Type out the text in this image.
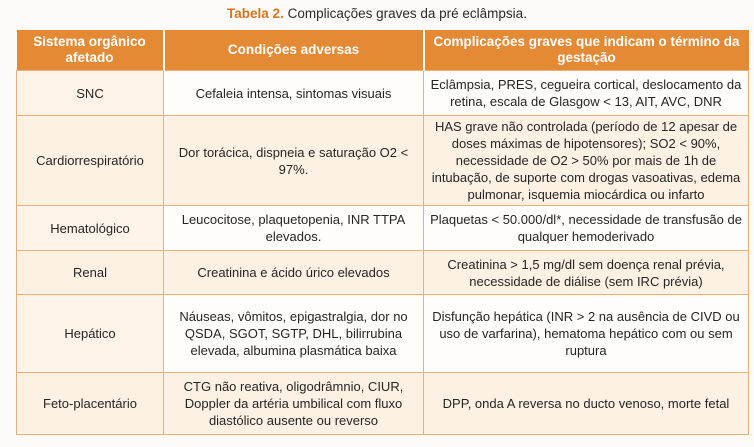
Tabela 2. Complicações graves da pré eclâmpsia.
Sistema orgânico afetado	Condições adversas	Complicações graves que indicam o término da gestação
SNC	Cefaleia intensa, sintomas visuais	Eclâmpsia, PRES, cegueira cortical, deslocamento da retina, escala de Glasgow < 13, AIT, AVC, DNR
Cardiorrespiratório	Dor torácica, dispneia e saturação O2 < 97%.	HAS grave não controlada (período de 12 apesar de doses máximas de hipotensores); SO2 < 90%, necessidade de O2 > 50% por mais de 1h de intubação, de suporte com drogas vasoativas, edema pulmonar, isquemia miocárdica ou infarto
Hematológico	Leucocitose, plaquetopenia, INR TTPA elevados.	Plaquetas < 50.000/dl*, necessidade de transfusão de qualquer hemoderivado
Renal	Creatinina e ácido úrico elevados	Creatinina > 1,5 mg/dl sem doença renal prévia, necessidade de diálise (sem IRC prévia)
Hepático	Náuseas, vômitos, epigastralgia, dor no QSDA, SGOT, SGTP, DHL, bilirrubina elevada, albumina plasmática baixa	Disfunção hepática (INR > 2 na ausência de CIVD ou uso de varfarina), hematoma hepático com ou sem ruptura
Feto-placentário	CTG não reativa, oligodrâmnio, CIUR, Doppler da artéria umbilical com fluxo diastólico ausente ou reverso	DPP, onda A reversa no ducto venoso, morte fetal
